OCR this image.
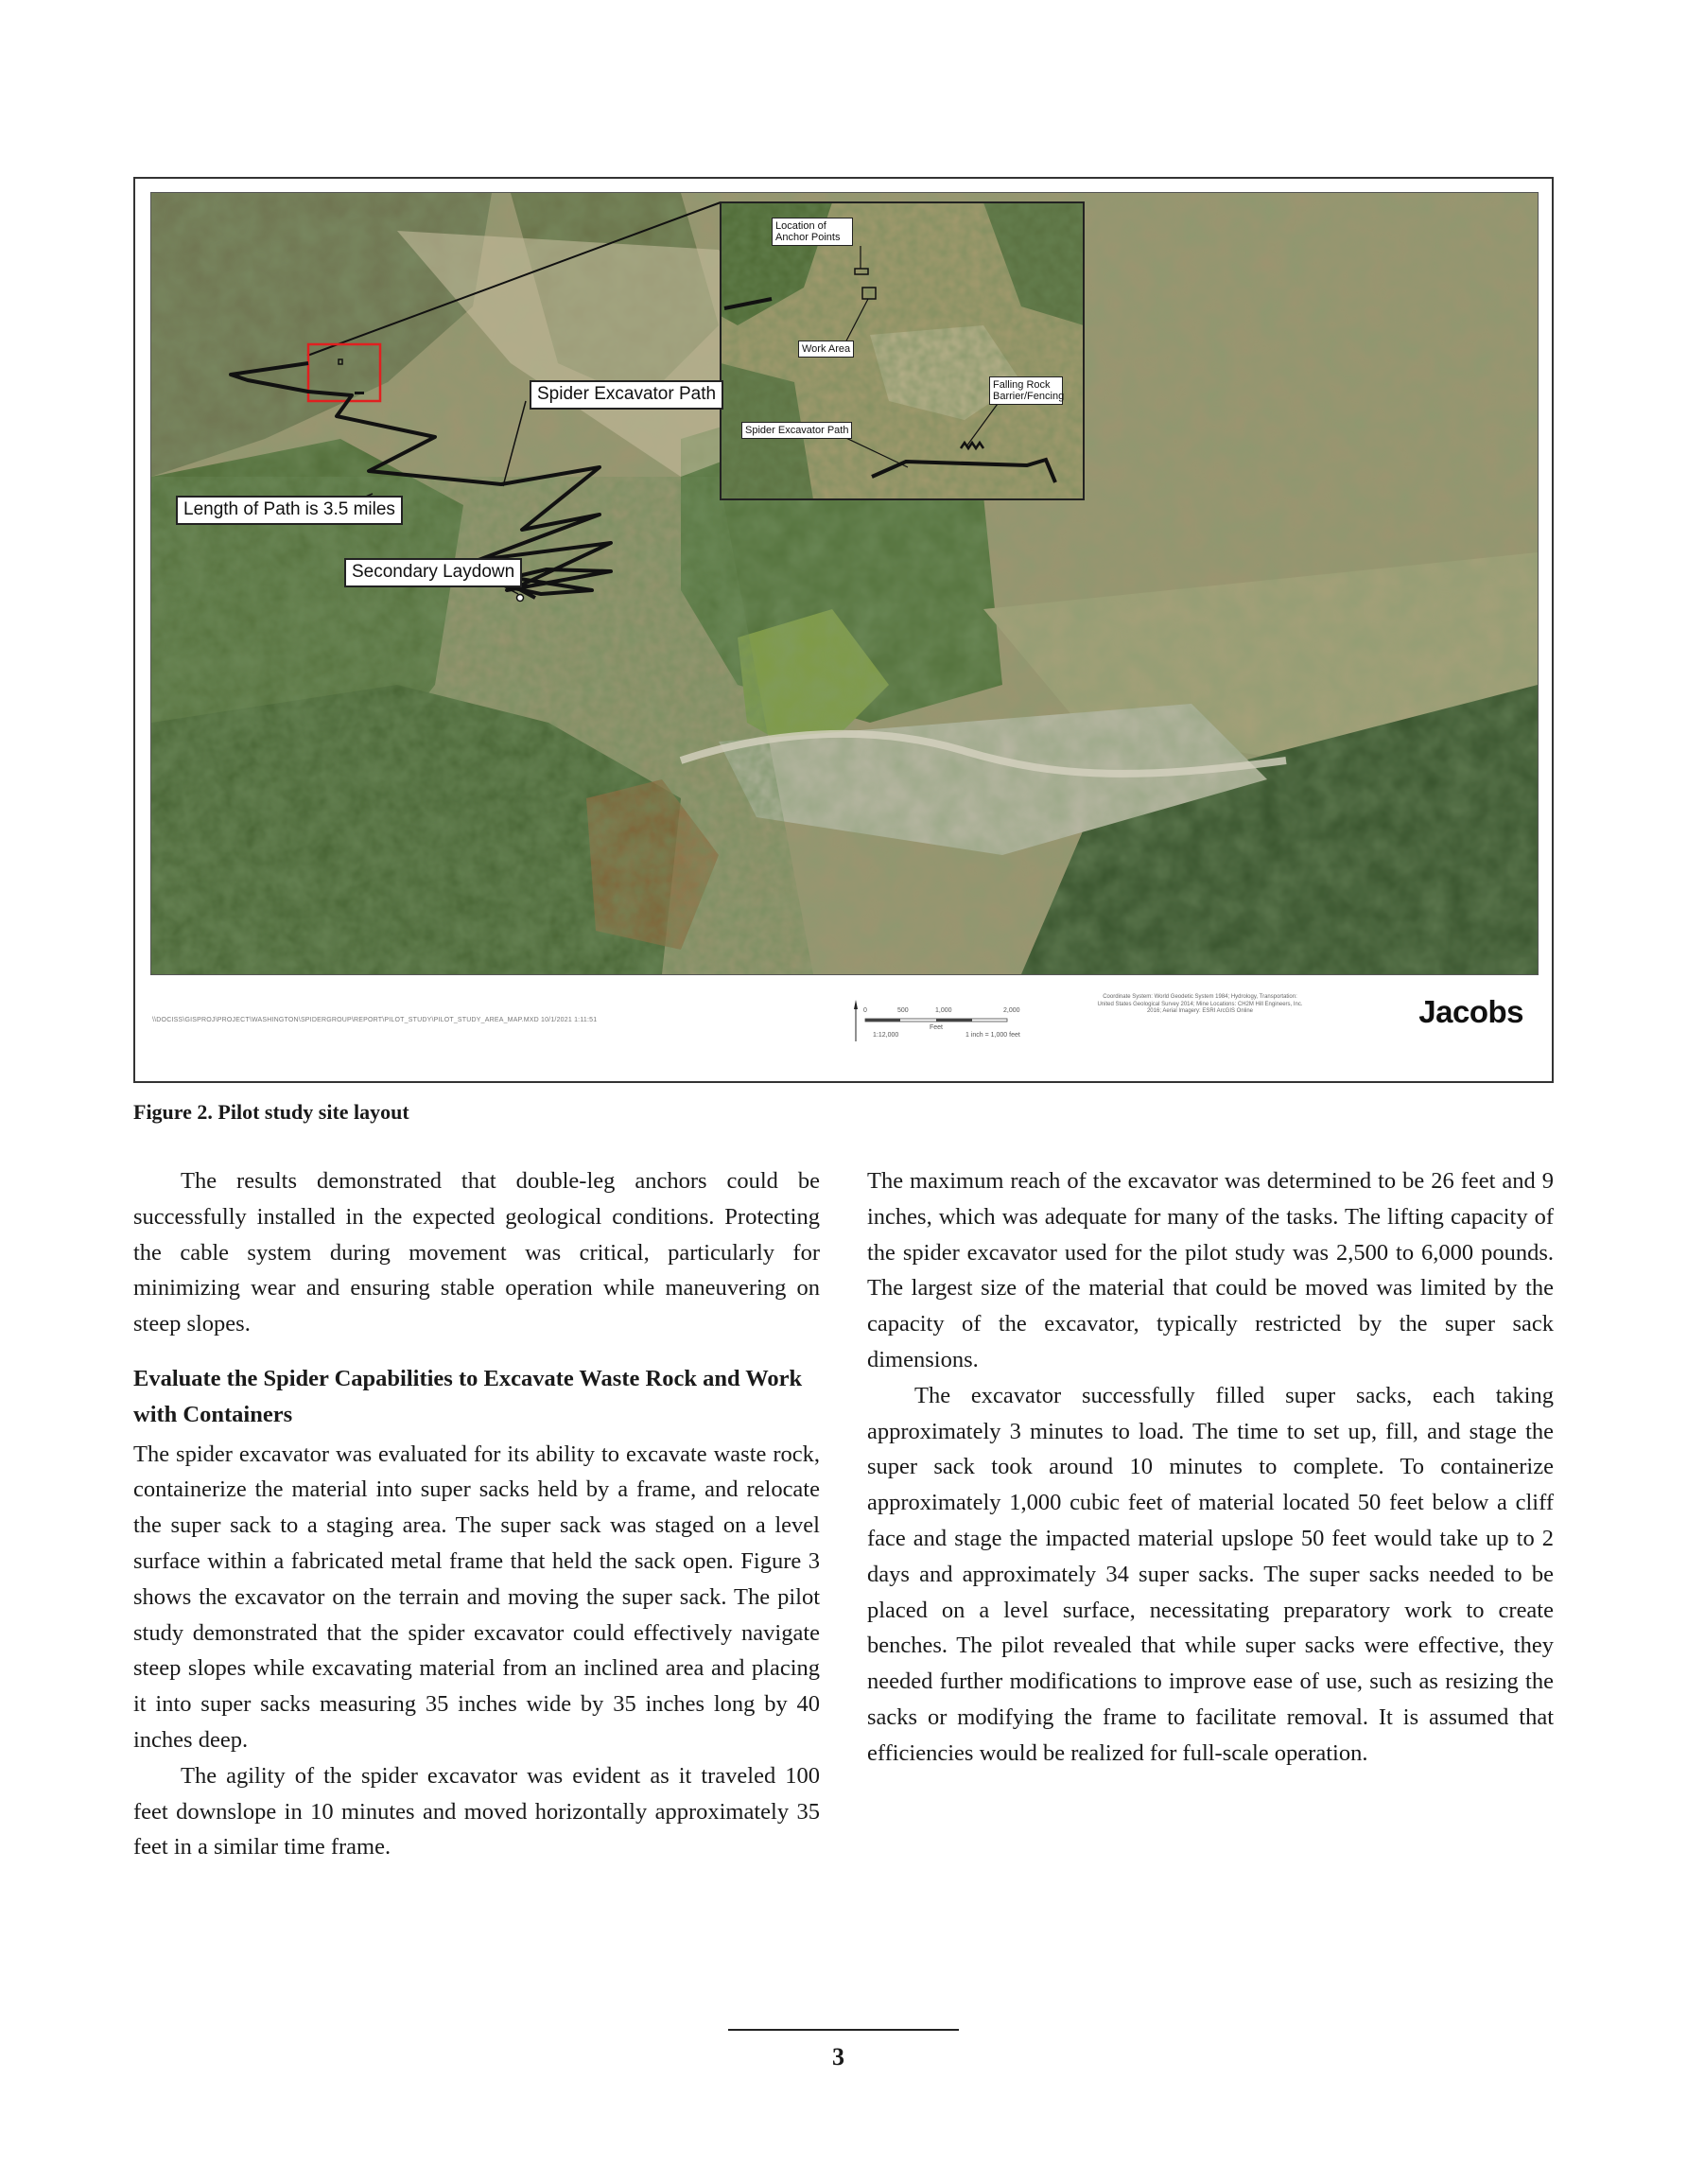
Spider Excavator Path
Length of Path is 3.5 miles
Secondary Laydown
Location of Anchor Points
Work Area
Falling Rock Barrier/Fencing
Spider Excavator Path
\\DOCISS\GISPROJ\PROJECT\WASHINGTON\SPIDERGROUP\REPORT\PILOT_STUDY\PILOT_STUDY_AREA_MAP.MXD 10/1/2021 1:11:51
0	500	1,000	2,000
Feet
1:12,000	1 inch = 1,000 feet
Coordinate System: World Geodetic System 1984; Hydrology, Transportation: United States Geological Survey 2014; Mine Locations: CH2M Hill Engineers, Inc. 2016; Aerial Imagery: ESRI ArcGIS Online	Jacobs
Figure 2. Pilot study site layout

The results demonstrated that double-leg anchors could be successfully installed in the expected geological conditions. Protecting the cable system during movement was critical, particularly for minimizing wear and ensuring stable operation while maneuvering on steep slopes.

Evaluate the Spider Capabilities to Excavate Waste Rock and Work with Containers

The spider excavator was evaluated for its ability to excavate waste rock, containerize the material into super sacks held by a frame, and relocate the super sack to a staging area. The super sack was staged on a level surface within a fabricated metal frame that held the sack open. Figure 3 shows the excavator on the terrain and moving the super sack. The pilot study demonstrated that the spider excavator could effectively navigate steep slopes while excavating material from an inclined area and placing it into super sacks measuring 35 inches wide by 35 inches long by 40 inches deep.

The agility of the spider excavator was evident as it traveled 100 feet downslope in 10 minutes and moved horizontally approximately 35 feet in a similar time frame.

The maximum reach of the excavator was determined to be 26 feet and 9 inches, which was adequate for many of the tasks. The lifting capacity of the spider excavator used for the pilot study was 2,500 to 6,000 pounds. The largest size of the material that could be moved was limited by the capacity of the excavator, typically restricted by the super sack dimensions.

The excavator successfully filled super sacks, each taking approximately 3 minutes to load. The time to set up, fill, and stage the super sack took around 10 minutes to complete. To containerize approximately 1,000 cubic feet of material located 50 feet below a cliff face and stage the impacted material upslope 50 feet would take up to 2 days and approximately 34 super sacks. The super sacks needed to be placed on a level surface, necessitating preparatory work to create benches. The pilot revealed that while super sacks were effective, they needed further modifications to improve ease of use, such as resizing the sacks or modifying the frame to facilitate removal. It is assumed that efficiencies would be realized for full-scale operation.

3
